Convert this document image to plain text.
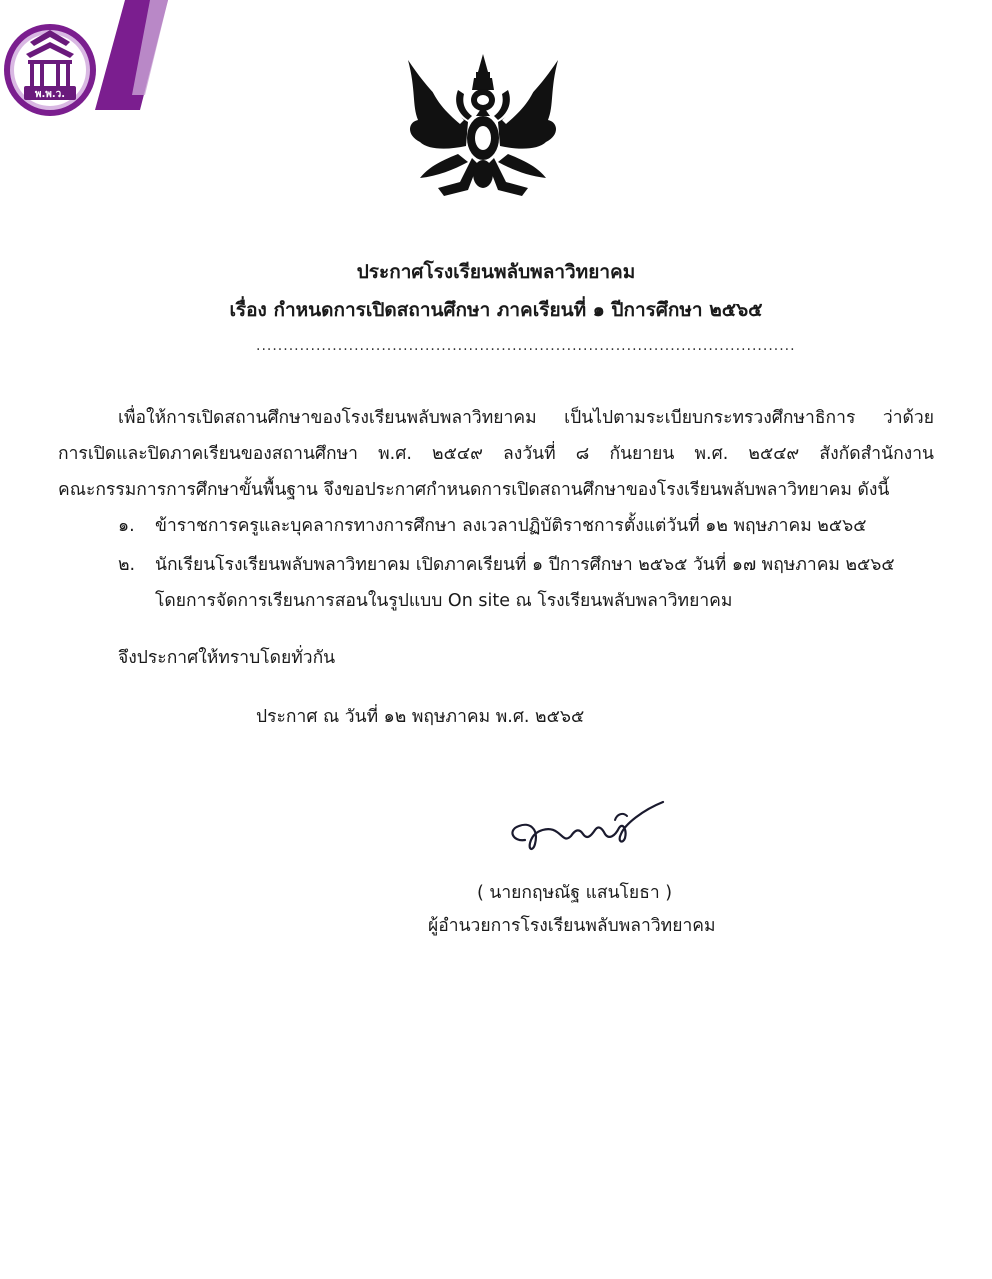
พ.พ.ว.
ประกาศโรงเรียนพลับพลาวิทยาคม
เรื่อง กำหนดการเปิดสถานศึกษา ภาคเรียนที่ ๑ ปีการศึกษา ๒๕๖๕
...................................................................................................

เพื่อให้การเปิดสถานศึกษาของโรงเรียนพลับพลาวิทยาคม เป็นไปตามระเบียบกระทรวงศึกษาธิการ ว่าด้วย

การเปิดและปิดภาคเรียนของสถานศึกษา พ.ศ. ๒๕๔๙ ลงวันที่ ๘ กันยายน พ.ศ. ๒๕๔๙ สังกัดสำนักงาน

คณะกรรมการการศึกษาขั้นพื้นฐาน จึงขอประกาศกำหนดการเปิดสถานศึกษาของโรงเรียนพลับพลาวิทยาคม ดังนี้

๑. ข้าราชการครูและบุคลากรทางการศึกษา ลงเวลาปฏิบัติราชการตั้งแต่วันที่ ๑๒ พฤษภาคม ๒๕๖๕

๒. นักเรียนโรงเรียนพลับพลาวิทยาคม เปิดภาคเรียนที่ ๑ ปีการศึกษา ๒๕๖๕ วันที่ ๑๗ พฤษภาคม ๒๕๖๕

โดยการจัดการเรียนการสอนในรูปแบบ On site ณ โรงเรียนพลับพลาวิทยาคม

จึงประกาศให้ทราบโดยทั่วกัน

ประกาศ ณ วันที่ ๑๒ พฤษภาคม พ.ศ. ๒๕๖๕

( นายกฤษณัฐ แสนโยธา )

ผู้อำนวยการโรงเรียนพลับพลาวิทยาคม
